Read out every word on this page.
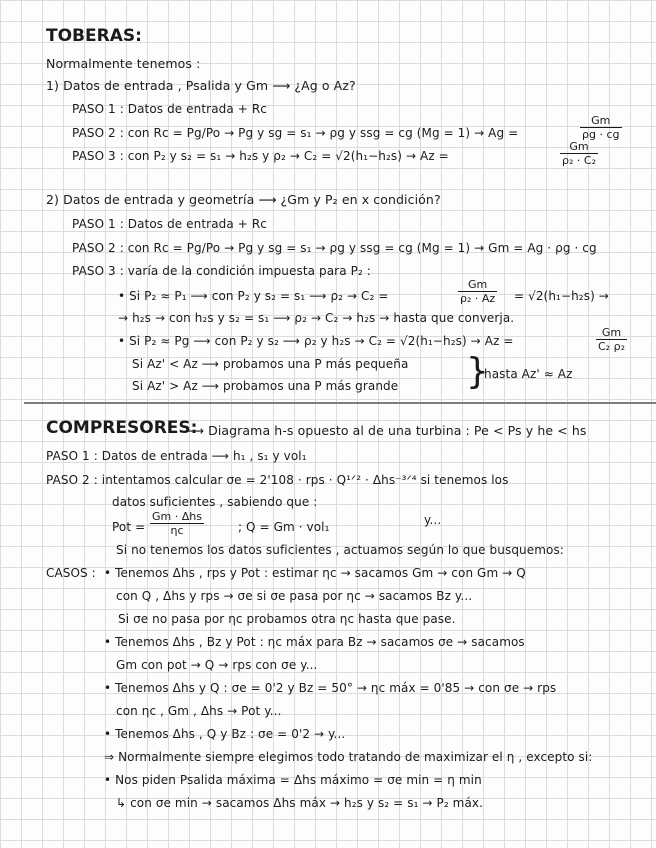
TOBERAS:
Normalmente tenemos :
1) Datos de entrada , Psalida y Gm ⟶ ¿Ag o Az?
PASO 1 : Datos de entrada + Rc
PASO 2 : con Rc = Pg/Po → Pg y sg = s₁ → ρg y ssg = cg (Mg = 1) → Ag =	$\frac{Gm}{\rho g \cdot cg}$
PASO 3 : con P₂ y s₂ = s₁ → h₂s y ρ₂ → C₂ = √2(h₁−h₂s) → Az =	$\frac{Gm}{\text{ρ₂ · C₂}}$
2) Datos de entrada y geometría ⟶ ¿Gm y P₂ en x condición?
PASO 1 : Datos de entrada + Rc
PASO 2 : con Rc = Pg/Po → Pg y sg = s₁ → ρg y ssg = cg (Mg = 1) → Gm = Ag · ρg · cg
PASO 3 : varía de la condición impuesta para P₂ :
• Si P₂ ≈ P₁ ⟶ con P₂ y s₂ = s₁ ⟶ ρ₂ → C₂ =	$\frac{Gm}{\text{ρ₂ · Az}} = √2(h_1-h_2s)$ →
→ h₂s → con h₂s y s₂ = s₁ ⟶ ρ₂ → C₂ → h₂s → hasta que converja.
• Si P₂ ≈ Pg ⟶ con P₂ y s₂ ⟶ ρ₂ y h₂s → C₂ = √2(h₁−h₂s) → Az =	$\frac{Gm}{\text{C₂ ρ₂}}$
Si Az' < Az ⟶ probamos una P más pequeña
Si Az' > Az ⟶ probamos una P más grande }
hasta Az' ≈ Az
COMPRESORES:
⟶ Diagrama h-s opuesto al de una turbina : Pe < Ps y he < hs
PASO 1 : Datos de entrada ⟶ h₁ , s₁ y vol₁
PASO 2 : intentamos calcular σe = 2'108 · rps · Q¹ᐟ² · Δhs⁻³ᐟ⁴ si tenemos los
datos suficientes , sabiendo que :
Pot =
Gm · Δhs
ηc	; Q = Gm · vol₁	y...
Si no tenemos los datos suficientes , actuamos según lo que busquemos:
CASOS : • Tenemos Δhs , rps y Pot : estimar ηc → sacamos Gm → con Gm → Q
con Q , Δhs y rps → σe si σe pasa por ηc → sacamos Bz y...
Si σe no pasa por ηc probamos otra ηc hasta que pase.
• Tenemos Δhs , Bz y Pot : ηc máx para Bz → sacamos σe → sacamos
Gm con pot → Q → rps con σe y...
• Tenemos Δhs y Q : σe = 0'2 y Bz = 50° → ηc máx = 0'85 → con σe → rps
con ηc , Gm , Δhs → Pot y...
• Tenemos Δhs , Q y Bz : σe = 0'2 → y...
⇒ Normalmente siempre elegimos todo tratando de maximizar el η , excepto si:
• Nos piden Psalida máxima = Δhs máximo = σe min = η min
↳ con σe min → sacamos Δhs máx → h₂s y s₂ = s₁ → P₂ máx.
